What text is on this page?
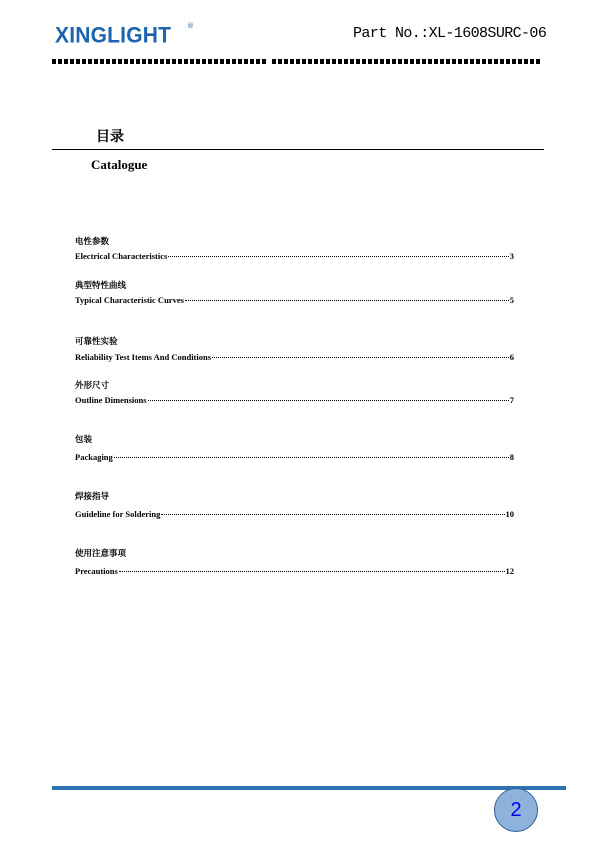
XINGLIGHT ®	Part No.:XL-1608SURC-06
目录
Catalogue
电性参数
Electrical Characteristics	3
典型特性曲线
Typical Characteristic Curves	5
可靠性实验
Reliability Test Items And Conditions	6
外形尺寸
Outline Dimensions	7
包装
Packaging	8
焊接指导
Guideline for Soldering	10
使用注意事项
Precautions	12
2
